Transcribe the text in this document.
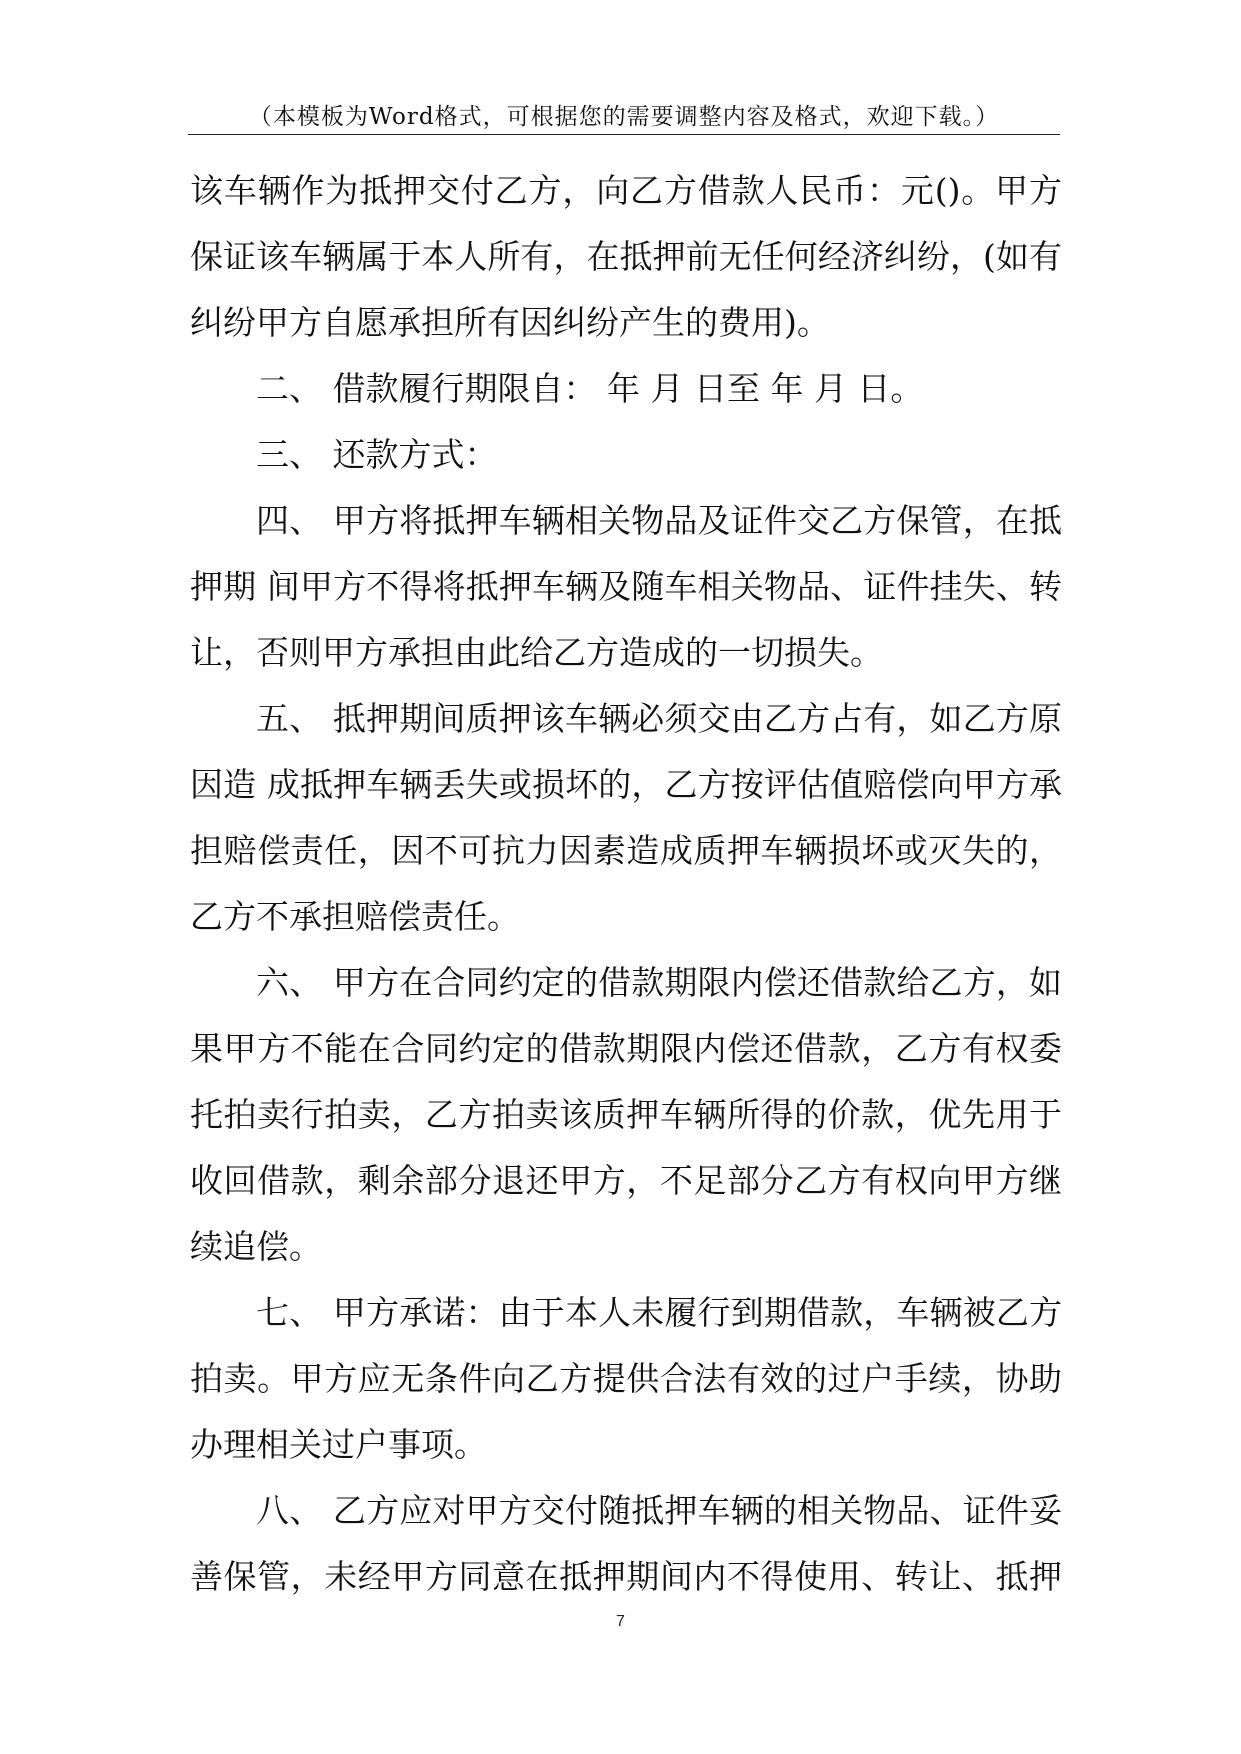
（本模板为Word格式，可根据您的需要调整内容及格式，欢迎下载。）
该车辆作为抵押交付乙方，向乙方借款人民币：元()。甲方
保证该车辆属于本人所有，在抵押前无任何经济纠纷，(如有
纠纷甲方自愿承担所有因纠纷产生的费用)。
二、 借款履行期限自： 年 月 日至 年 月 日。
三、 还款方式：
四、 甲方将抵押车辆相关物品及证件交乙方保管，在抵
押期 间甲方不得将抵押车辆及随车相关物品、证件挂失、转
让，否则甲方承担由此给乙方造成的一切损失。
五、 抵押期间质押该车辆必须交由乙方占有，如乙方原
因造 成抵押车辆丢失或损坏的，乙方按评估值赔偿向甲方承
担赔偿责任，因不可抗力因素造成质押车辆损坏或灭失的，
乙方不承担赔偿责任。
六、 甲方在合同约定的借款期限内偿还借款给乙方，如
果甲方不能在合同约定的借款期限内偿还借款，乙方有权委
托拍卖行拍卖，乙方拍卖该质押车辆所得的价款，优先用于
收回借款，剩余部分退还甲方，不足部分乙方有权向甲方继
续追偿。
七、 甲方承诺：由于本人未履行到期借款，车辆被乙方
拍卖。甲方应无条件向乙方提供合法有效的过户手续，协助
办理相关过户事项。
八、 乙方应对甲方交付随抵押车辆的相关物品、证件妥
善保管，未经甲方同意在抵押期间内不得使用、转让、抵押
7
